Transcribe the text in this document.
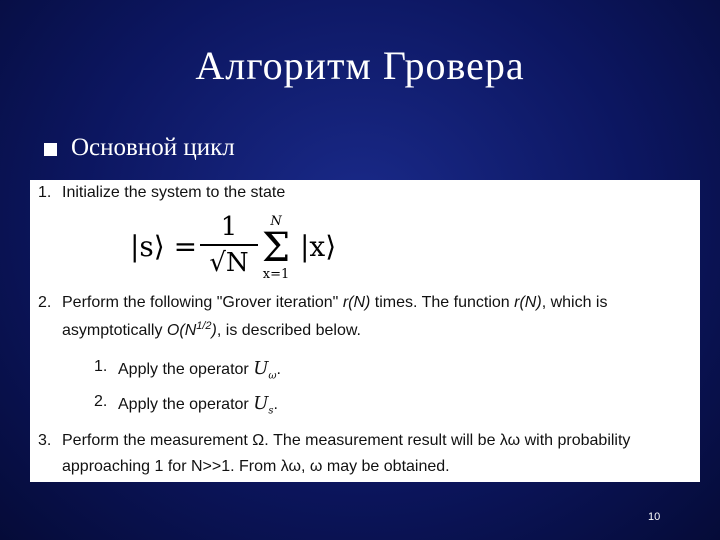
Алгоритм Гровера
Основной цикл
1. Initialize the system to the state
|s⟩ =
1
√N
N
Σ
x=1
|x⟩
2. Perform the following "Grover iteration" r(N) times. The function r(N), which is
asymptotically $O(N^{1/2})$, is described below.
1. Apply the operator $U_\omega$.
2. Apply the operator $U_s$.
3. Perform the measurement Ω. The measurement result will be λω with probability
approaching 1 for N>>1. From λω, ω may be obtained.
10
